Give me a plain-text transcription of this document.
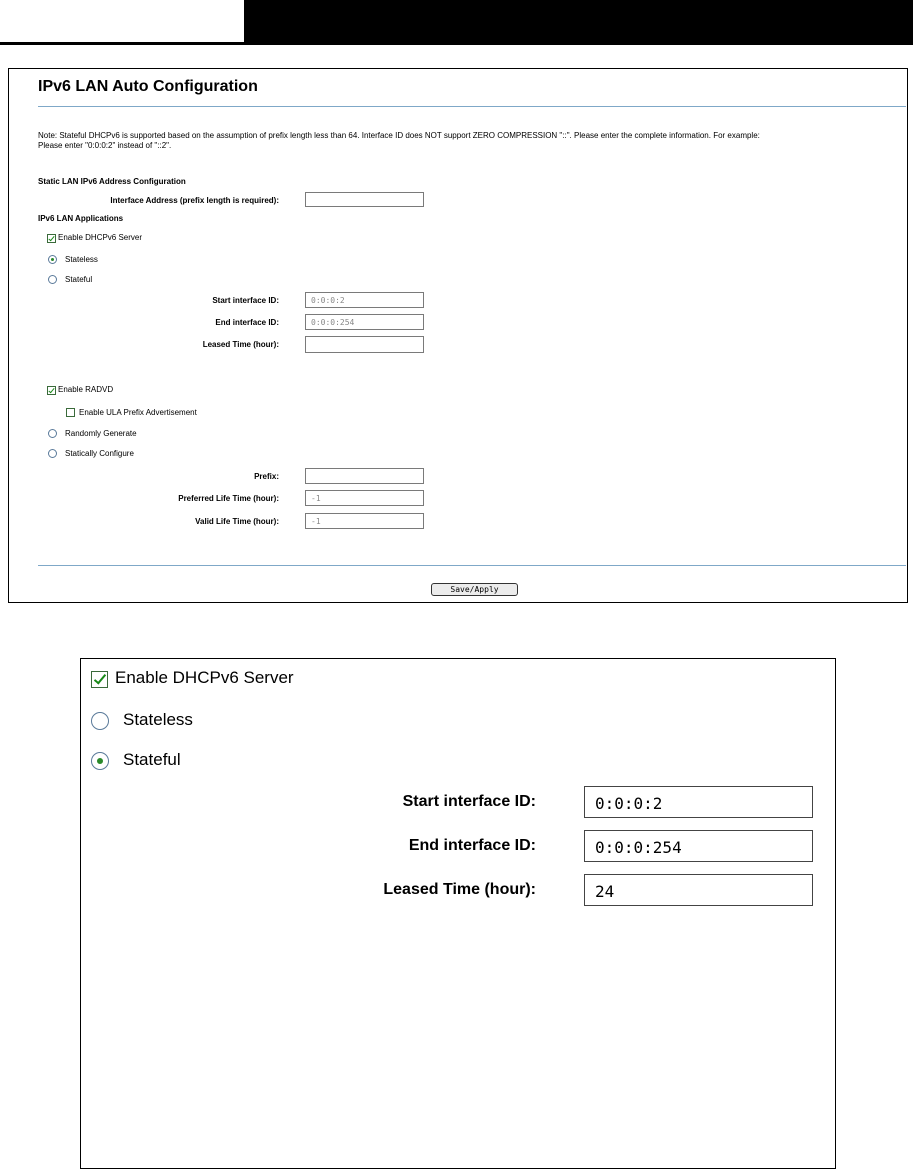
IPv6 LAN Auto Configuration
Note: Stateful DHCPv6 is supported based on the assumption of prefix length less than 64. Interface ID does NOT support ZERO COMPRESSION "::". Please enter the complete information. For example:
Please enter "0:0:0:2" instead of "::2".
Static LAN IPv6 Address Configuration
Interface Address (prefix length is required):
IPv6 LAN Applications
Enable DHCPv6 Server
Stateless
Stateful
Start interface ID:	0:0:0:2
End interface ID:	0:0:0:254
Leased Time (hour):
Enable RADVD
Enable ULA Prefix Advertisement
Randomly Generate
Statically Configure
Prefix:
Preferred Life Time (hour):	-1
Valid Life Time (hour):	-1
Save/Apply
Enable DHCPv6 Server
Stateless
Stateful
Start interface ID:	0:0:0:2
End interface ID:	0:0:0:254
Leased Time (hour):	24
